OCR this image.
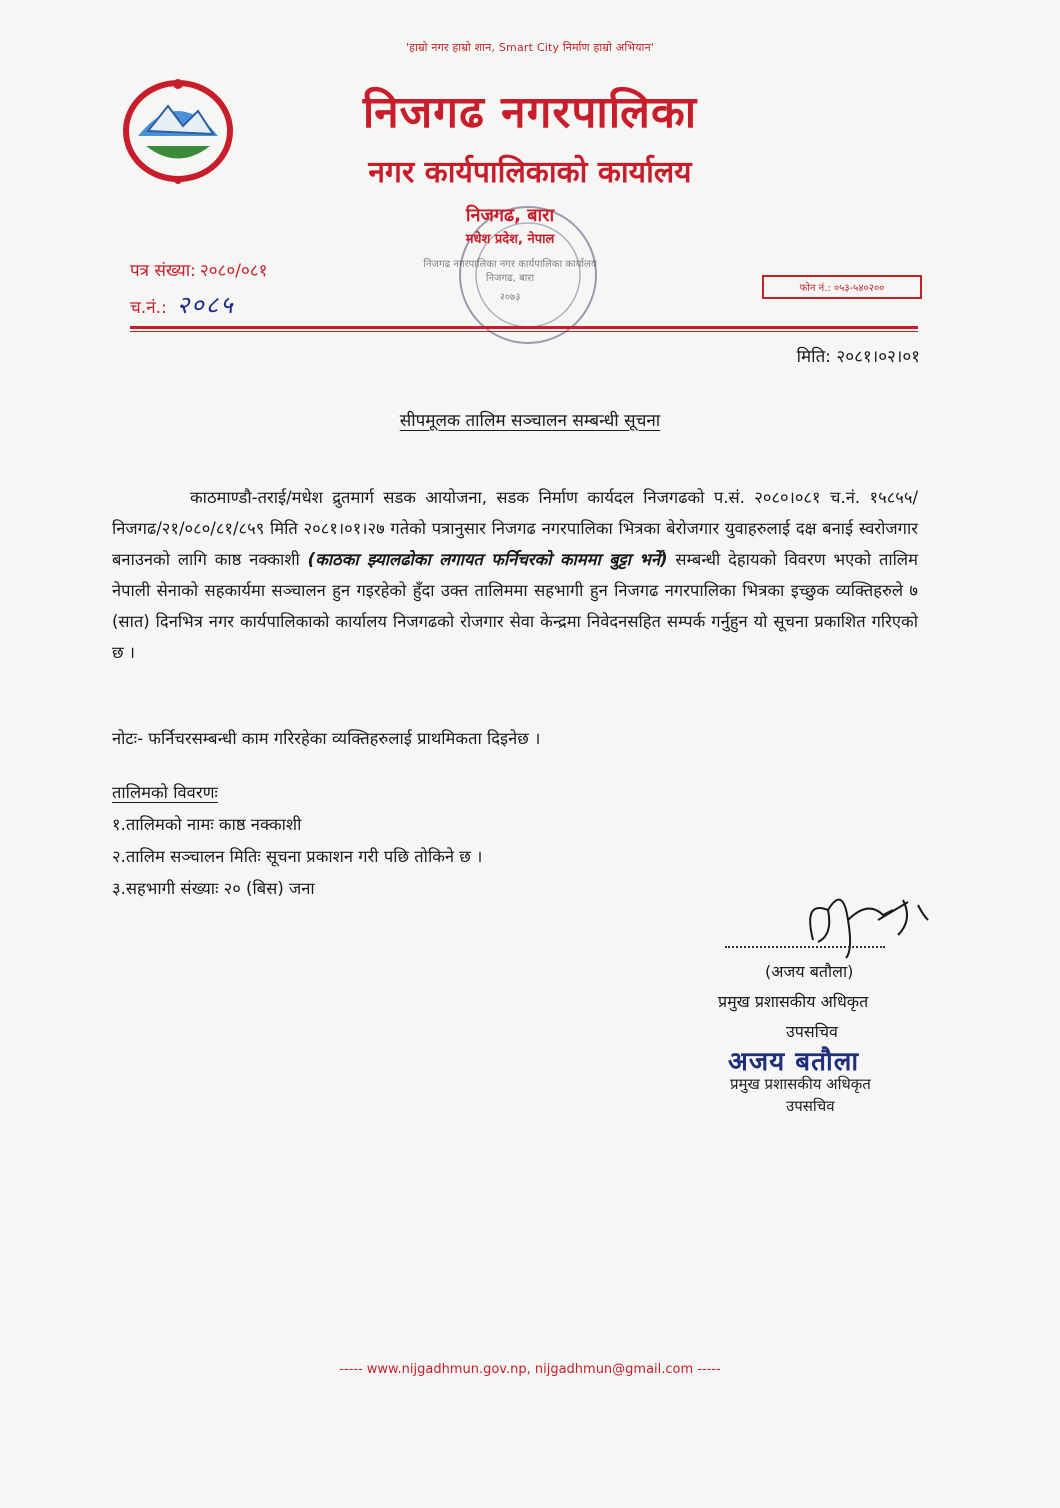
'हाम्रो नगर हाम्रो शान, Smart City निर्माण हाम्रो अभियान'
निजगढ नगरपालिका
नगर कार्यपालिकाको कार्यालय
निजगढ, बारा
मधेश प्रदेश, नेपाल
निजगढ नगरपालिका नगर कार्यपालिका कार्यालय निजगढ, बारा
२०७३
पत्र संख्या: २०८०/०८१
च.नं.: २०८५
फोन नं.: ०५३-५४०२००
मिति: २०८१।०२।०१
सीपमूलक तालिम सञ्चालन सम्बन्धी सूचना
काठमाण्डौ-तराई/मधेश द्रुतमार्ग सडक आयोजना, सडक निर्माण कार्यदल निजगढको प.सं. २०८०।०८१ च.नं. १५८५५/निजगढ/२१/०८०/८१/८५९ मिति २०८१।०१।२७ गतेको पत्रानुसार निजगढ नगरपालिका भित्रका बेरोजगार युवाहरुलाई दक्ष बनाई स्वरोजगार बनाउनको लागि काष्ठ नक्काशी (काठका झ्यालढोका लगायत फर्निचरको काममा बुट्टा भर्ने) सम्बन्धी देहायको विवरण भएको तालिम नेपाली सेनाको सहकार्यमा सञ्चालन हुन गइरहेको हुँदा उक्त तालिममा सहभागी हुन निजगढ नगरपालिका भित्रका इच्छुक व्यक्तिहरुले ७ (सात) दिनभित्र नगर कार्यपालिकाको कार्यालय निजगढको रोजगार सेवा केन्द्रमा निवेदनसहित सम्पर्क गर्नुहुन यो सूचना प्रकाशित गरिएको छ ।
नोटः- फर्निचरसम्बन्धी काम गरिरहेका व्यक्तिहरुलाई प्राथमिकता दिइनेछ ।
तालिमको विवरणः
१.तालिमको नामः काष्ठ नक्काशी
२.तालिम सञ्चालन मितिः सूचना प्रकाशन गरी पछि तोकिने छ ।
३.सहभागी संख्याः २० (बिस) जना
(अजय बतौला)
प्रमुख प्रशासकीय अधिकृत
उपसचिव
अजय बतौला
प्रमुख प्रशासकीय अधिकृत
उपसचिव
----- www.nijgadhmun.gov.np, nijgadhmun@gmail.com -----
